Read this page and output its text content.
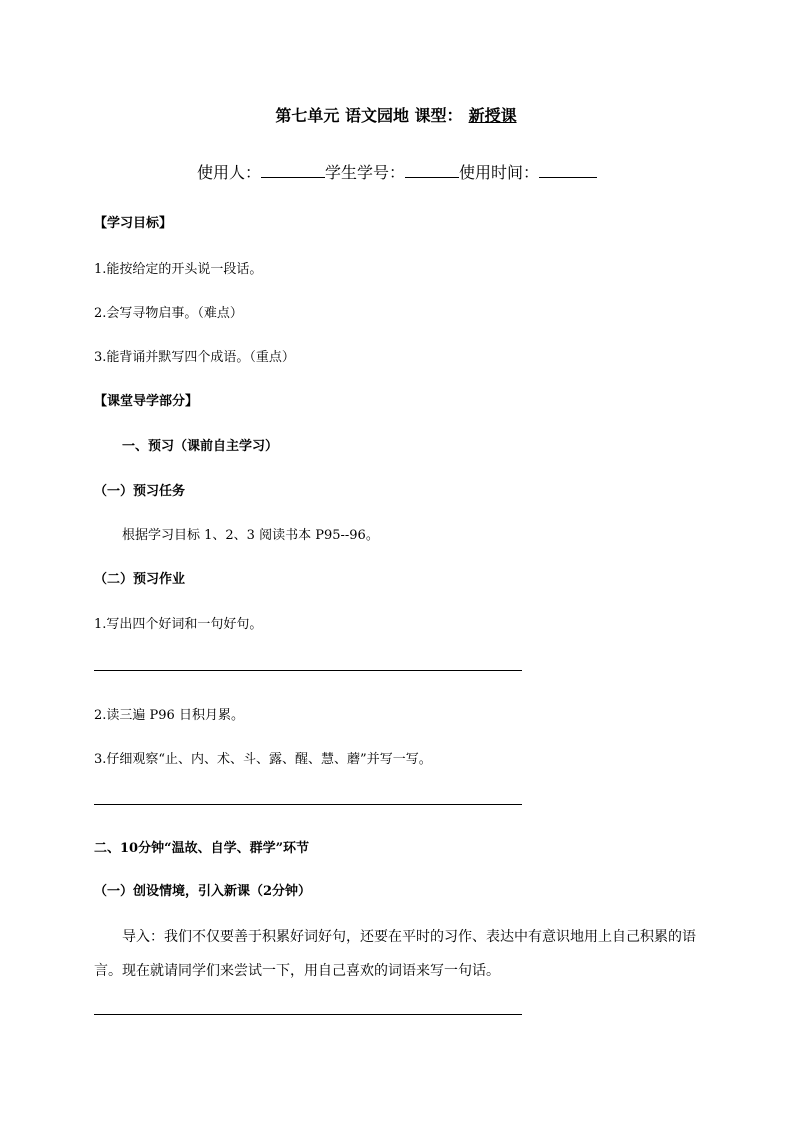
第七单元 语文园地 课型： 新授课
使用人：	学生学号：	使用时间：
【学习目标】
1.能按给定的开头说一段话。
2.会写寻物启事。（难点）
3.能背诵并默写四个成语。（重点）
【课堂导学部分】
一、预习（课前自主学习）
（一）预习任务
根据学习目标 1、2、3 阅读书本 P95--96。
（二）预习作业
1.写出四个好词和一句好句。
2.读三遍 P96 日积月累。
3.仔细观察“止、内、术、斗、露、醒、慧、蘑”并写一写。
二、10分钟“温故、自学、群学”环节
（一）创设情境，引入新课（2分钟）
导入：我们不仅要善于积累好词好句，还要在平时的习作、表达中有意识地用上自己积累的语言。现在就请同学们来尝试一下，用自己喜欢的词语来写一句话。
